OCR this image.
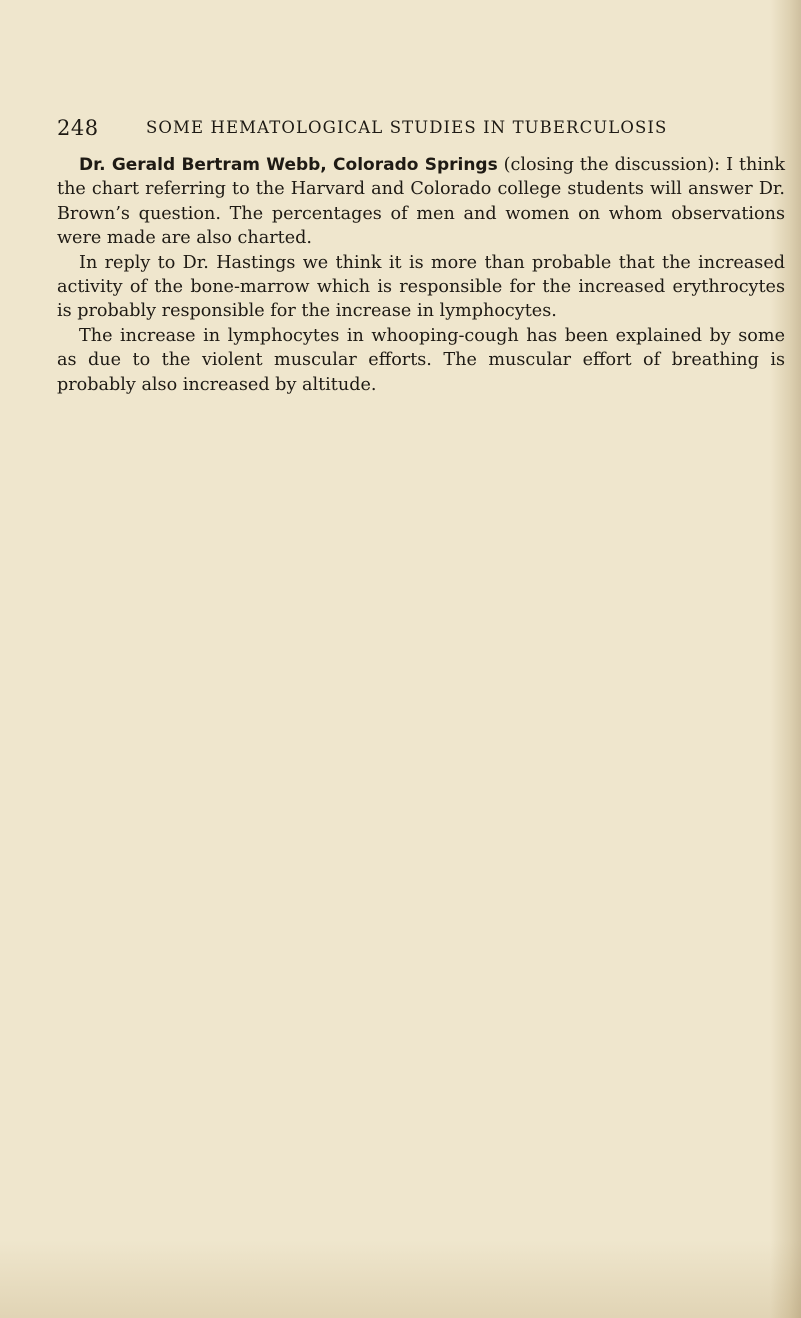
248	SOME HEMATOLOGICAL STUDIES IN TUBERCULOSIS

Dr. Gerald Bertram Webb, Colorado Springs (closing the discussion): I think the chart referring to the Harvard and Colorado college students will answer Dr. Brown’s question. The percentages of men and women on whom observations were made are also charted.

In reply to Dr. Hastings we think it is more than probable that the increased activity of the bone-marrow which is responsible for the increased erythrocytes is probably responsible for the increase in lymphocytes.

The increase in lymphocytes in whooping-cough has been explained by some as due to the violent muscular efforts. The muscular effort of breathing is probably also increased by altitude.
